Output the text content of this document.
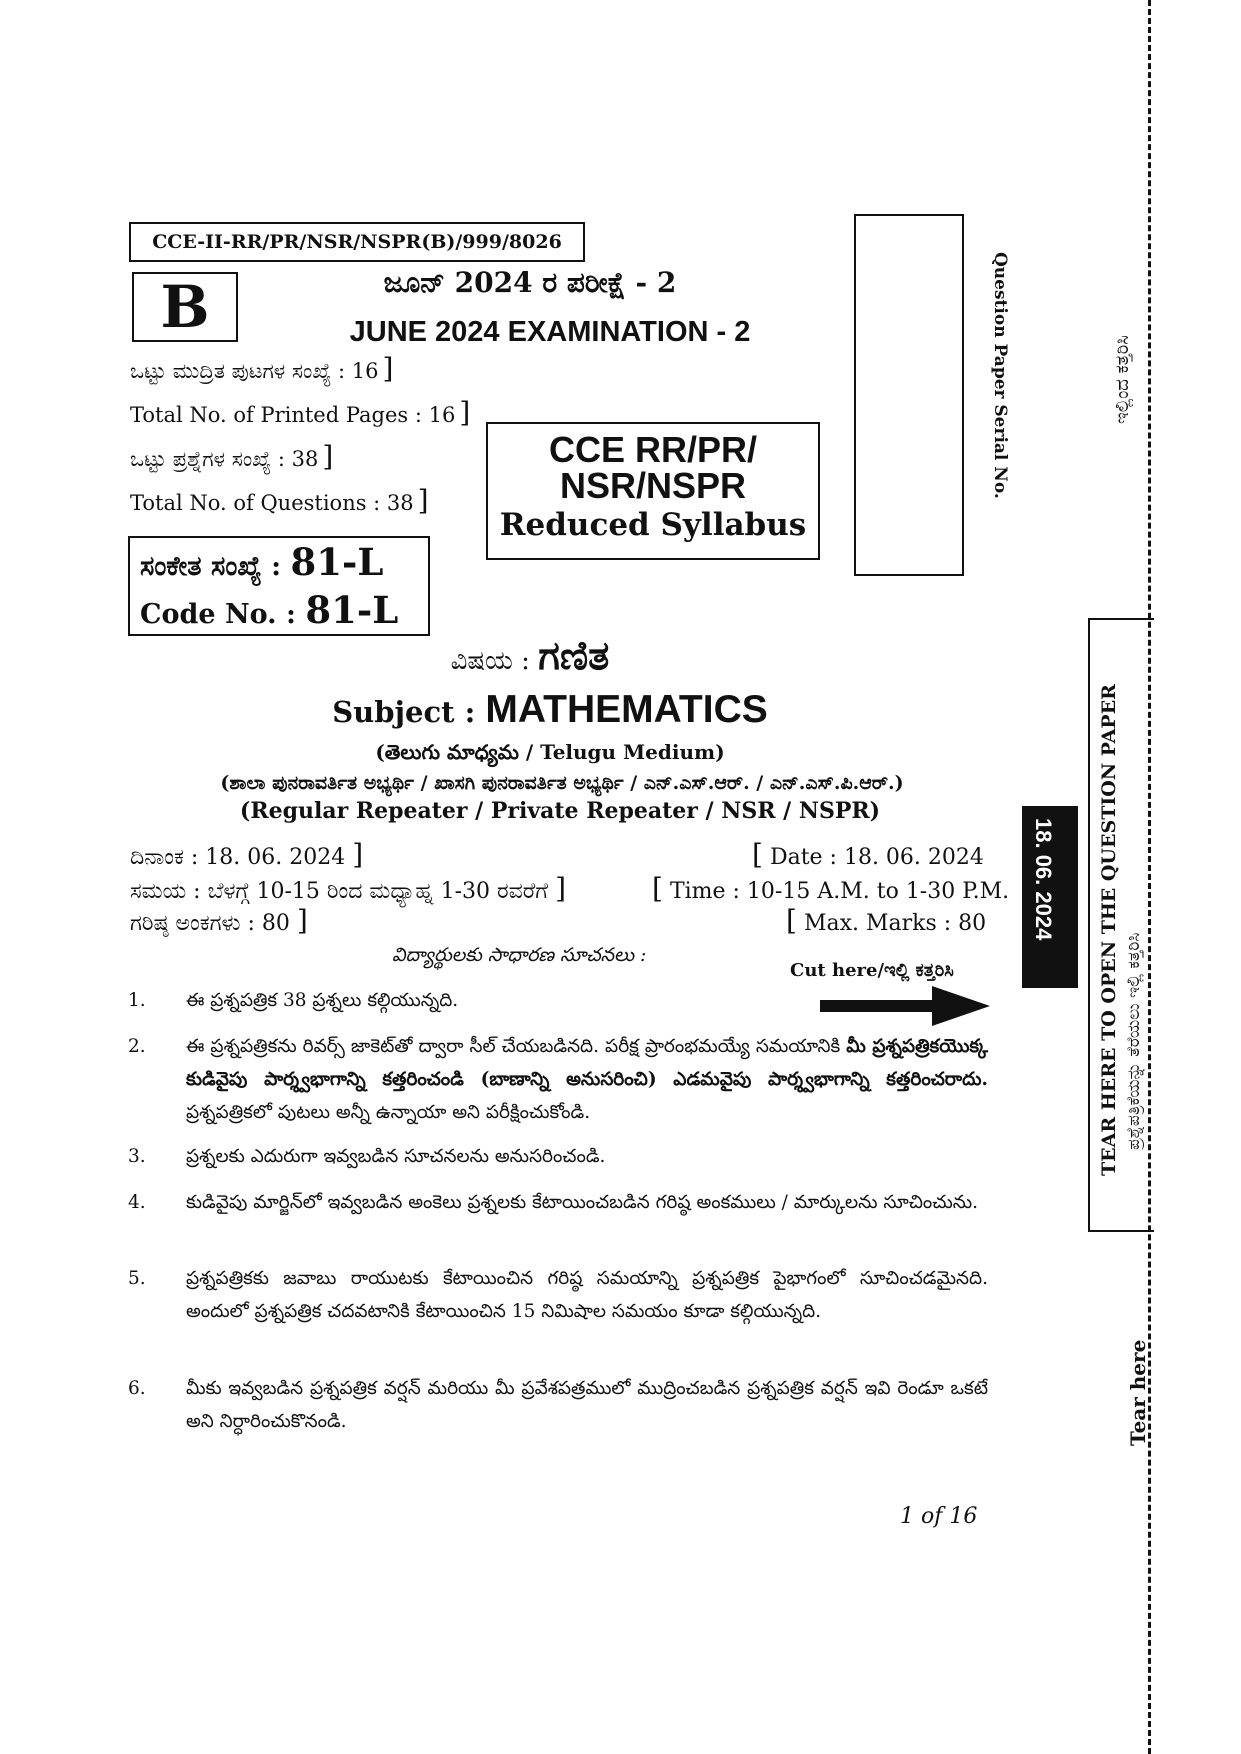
CCE-II-RR/PR/NSR/NSPR(B)/999/8026
B	ಜೂನ್ 2024 ರ ಪರೀಕ್ಷೆ - 2
JUNE 2024 EXAMINATION - 2
ಒಟ್ಟು ಮುದ್ರಿತ ಪುಟಗಳ ಸಂಖ್ಯೆ : 16 ]
Total No. of Printed Pages : 16 ]
ಒಟ್ಟು ಪ್ರಶ್ನೆಗಳ ಸಂಖ್ಯೆ : 38 ]
Total No. of Questions : 38 ]
CCE RR/PR/
NSR/NSPR
Reduced Syllabus
ಸಂಕೇತ ಸಂಖ್ಯೆ : 81-L
Code No. : 81-L
Question Paper Serial No.
ವಿಷಯ : ಗಣಿತ
Subject : MATHEMATICS
(తెలుగు మాధ్యమ / Telugu Medium)
(ಶಾಲಾ ಪುನರಾವರ್ತಿತ ಅಭ್ಯರ್ಥಿ / ಖಾಸಗಿ ಪುನರಾವರ್ತಿತ ಅಭ್ಯರ್ಥಿ / ಎನ್.ಎಸ್.ಆರ್. / ಎನ್.ಎಸ್.ಪಿ.ಆರ್.)
(Regular Repeater / Private Repeater / NSR / NSPR)
ದಿನಾಂಕ : 18. 06. 2024 ]	[ Date : 18. 06. 2024
ಸಮಯ : ಬೆಳಗ್ಗೆ 10-15 ರಿಂದ ಮಧ್ಯಾಹ್ನ 1-30 ರವರೆಗೆ ]	[ Time : 10-15 A.M. to 1-30 P.M.
ಗರಿಷ್ಠ ಅಂಕಗಳು : 80 ]	[ Max. Marks : 80
విద్యార్థులకు సాధారణ సూచనలు :
Cut here/ಇಲ್ಲಿ ಕತ್ತರಿಸಿ
1.	ఈ ప్రశ్నపత్రిక 38 ప్రశ్నలు కల్గియున్నది.
2.	ఈ ప్రశ్నపత్రికను రివర్స్ జాకెట్‌తో ద్వారా సీల్ చేయబడినది. పరీక్ష ప్రారంభమయ్యే సమయానికి మీ ప్రశ్నపత్రికయొక్క కుడివైపు పార్శ్వభాగాన్ని కత్తరించండి (బాణాన్ని అనుసరించి) ఎడమవైపు పార్శ్వభాగాన్ని కత్తరించరాదు. ప్రశ్నపత్రికలో పుటలు అన్నీ ఉన్నాయా అని పరీక్షించుకోండి.
3.	ప్రశ్నలకు ఎదురుగా ఇవ్వబడిన సూచనలను అనుసరించండి.
4.	కుడివైపు మార్జిన్‌లో ఇవ్వబడిన అంకెలు ప్రశ్నలకు కేటాయించబడిన గరిష్ఠ అంకములు / మార్కులను సూచించును.
5.	ప్రశ్నపత్రికకు జవాబు రాయుటకు కేటాయించిన గరిష్ఠ సమయాన్ని ప్రశ్నపత్రిక పైభాగంలో సూచించడమైనది. అందులో ప్రశ్నపత్రిక చదవటానికి కేటాయించిన 15 నిమిషాల సమయం కూడా కల్గియున్నది.
6.	మీకు ఇవ్వబడిన ప్రశ్నపత్రిక వర్షన్ మరియు మీ ప్రవేశపత్రములో ముద్రించబడిన ప్రశ్నపత్రిక వర్షన్ ఇవి రెండూ ఒకటే అని నిర్ధారించుకొనండి.
1 of 16
18. 06. 2024 TEAR HERE TO OPEN THE QUESTION PAPER ಪ್ರಶ್ನೆಪತ್ರಿಕೆಯನ್ನು ತೆರೆಯಲು ಇಲ್ಲಿ ಕತ್ತರಿಸಿ
ಇಲ್ಲಿಂದ ಕತ್ತರಿಸಿ
Tear here
